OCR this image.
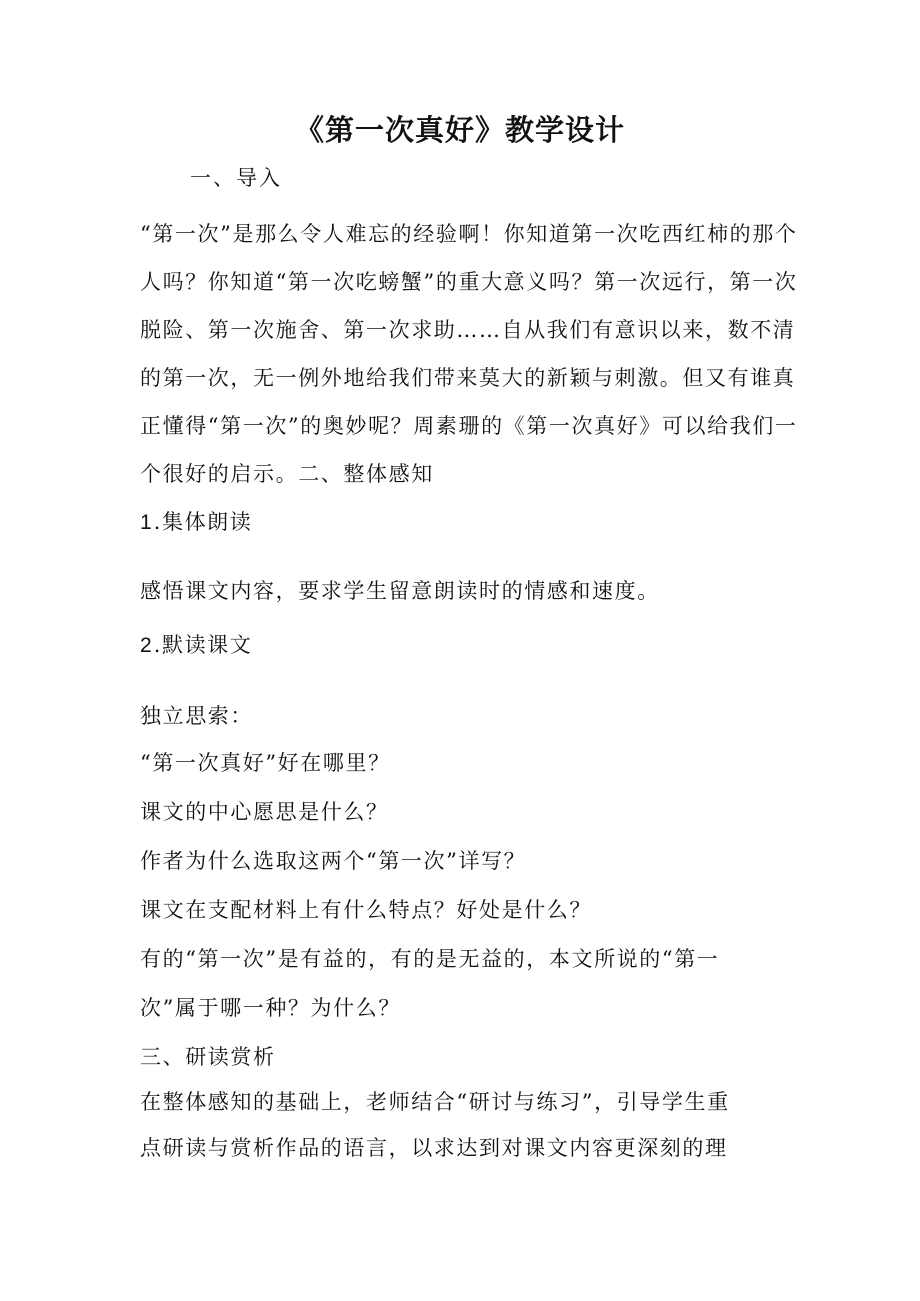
《第一次真好》教学设计
一、导入
“第一次”是那么令人难忘的经验啊！你知道第一次吃西红柿的那个人吗？你知道“第一次吃螃蟹”的重大意义吗？第一次远行，第一次脱险、第一次施舍、第一次求助……自从我们有意识以来，数不清的第一次，无一例外地给我们带来莫大的新颖与刺激。但又有谁真正懂得“第一次”的奥妙呢？周素珊的《第一次真好》可以给我们一个很好的启示。二、整体感知
1.集体朗读
感悟课文内容，要求学生留意朗读时的情感和速度。
2.默读课文
独立思索：
“第一次真好”好在哪里？
课文的中心愿思是什么？
作者为什么选取这两个“第一次”详写？
课文在支配材料上有什么特点？好处是什么？
有的“第一次”是有益的，有的是无益的，本文所说的“第一
次”属于哪一种？为什么？
三、研读赏析
在整体感知的基础上，老师结合“研讨与练习”，引导学生重
点研读与赏析作品的语言，以求达到对课文内容更深刻的理
